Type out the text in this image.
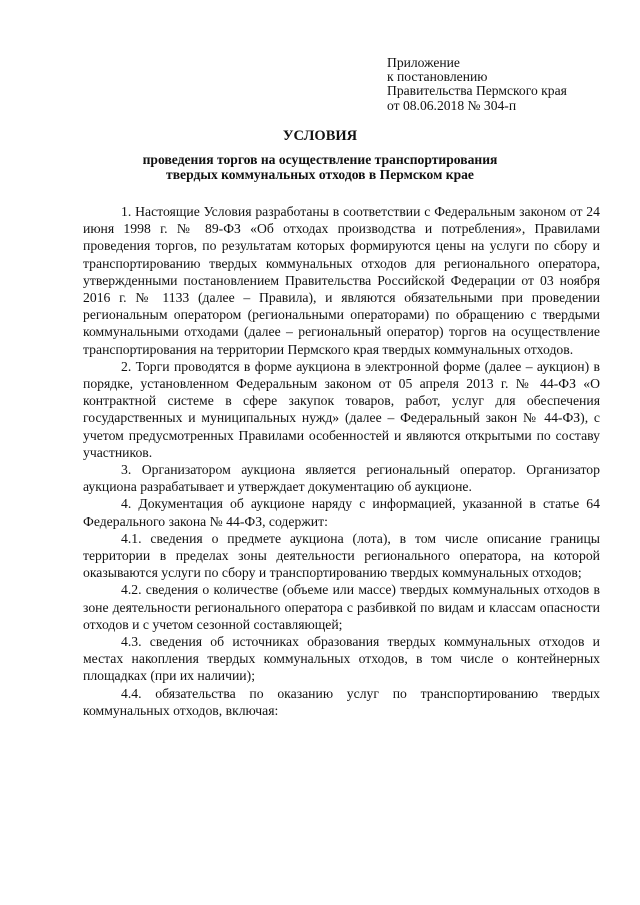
Приложение
к постановлению
Правительства Пермского края
от 08.06.2018 № 304-п
УСЛОВИЯ
проведения торгов на осуществление транспортирования
твердых коммунальных отходов в Пермском крае

1. Настоящие Условия разработаны в соответствии с Федеральным законом от 24 июня 1998 г. № 89-ФЗ «Об отходах производства и потребления», Правилами проведения торгов, по результатам которых формируются цены на услуги по сбору и транспортированию твердых коммунальных отходов для регионального оператора, утвержденными постановлением Правительства Российской Федерации от 03 ноября 2016 г. № 1133 (далее – Правила), и являются обязательными при проведении региональным оператором (региональными операторами) по обращению с твердыми коммунальными отходами (далее – региональный оператор) торгов на осуществление транспортирования на территории Пермского края твердых коммунальных отходов.

2. Торги проводятся в форме аукциона в электронной форме (далее – аукцион) в порядке, установленном Федеральным законом от 05 апреля 2013 г. № 44-ФЗ «О контрактной системе в сфере закупок товаров, работ, услуг для обеспечения государственных и муниципальных нужд» (далее – Федеральный закон № 44-ФЗ), с учетом предусмотренных Правилами особенностей и являются открытыми по составу участников.

3. Организатором аукциона является региональный оператор. Организатор аукциона разрабатывает и утверждает документацию об аукционе.

4. Документация об аукционе наряду с информацией, указанной в статье 64 Федерального закона № 44-ФЗ, содержит:

4.1. сведения о предмете аукциона (лота), в том числе описание границы территории в пределах зоны деятельности регионального оператора, на которой оказываются услуги по сбору и транспортированию твердых коммунальных отходов;

4.2. сведения о количестве (объеме или массе) твердых коммунальных отходов в зоне деятельности регионального оператора с разбивкой по видам и классам опасности отходов и с учетом сезонной составляющей;

4.3. сведения об источниках образования твердых коммунальных отходов и местах накопления твердых коммунальных отходов, в том числе о контейнерных площадках (при их наличии);

4.4. обязательства по оказанию услуг по транспортированию твердых коммунальных отходов, включая:
